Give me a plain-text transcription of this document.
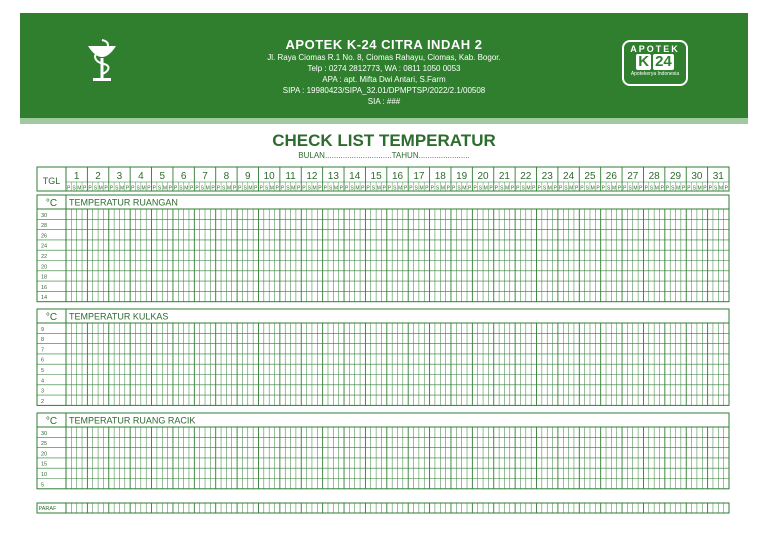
APOTEK K-24 CITRA INDAH 2
Jl. Raya Ciomas R.1 No. 8, Ciomas Rahayu, Ciomas, Kab. Bogor.
Telp : 0274 2812773, WA : 0811 1050 0053
APA : apt. Mifta Dwi Antari, S.Farm
SIPA : 19980423/SIPA_32.01/DPMPTSP/2022/2.1/00508
SIA : ###
APOTEK
K 24
Apotekerya Indonesia
CHECK LIST TEMPERATUR
BULAN..............................TAHUN.......................
TGL 1
P S M P
2
P S M P
3
P S M P
4
P S M P
5
P S M P
6
P S M P
7
P S M P
8
P S M P
9
P S M P
10
P S M P
11
P S M P
12
P S M P
13
P S M P
14
P S M P
15
P S M P
16
P S M P
17
P S M P
18
P S M P
19
P S M P
20
P S M P
21
P S M P
22
P S M P
23
P S M P
24
P S M P
25
P S M P
26
P S M P
27
P S M P
28
P S M P
29
P S M P
30
P S M P
31
P S M P
°C TEMPERATUR RUANGAN
30
28
26
24
22
20
18
16
14
°C TEMPERATUR KULKAS
9
8
7
6
5
4
3
2
°C TEMPERATUR RUANG RACIK
30
25
20
15
10
5
PARAF
